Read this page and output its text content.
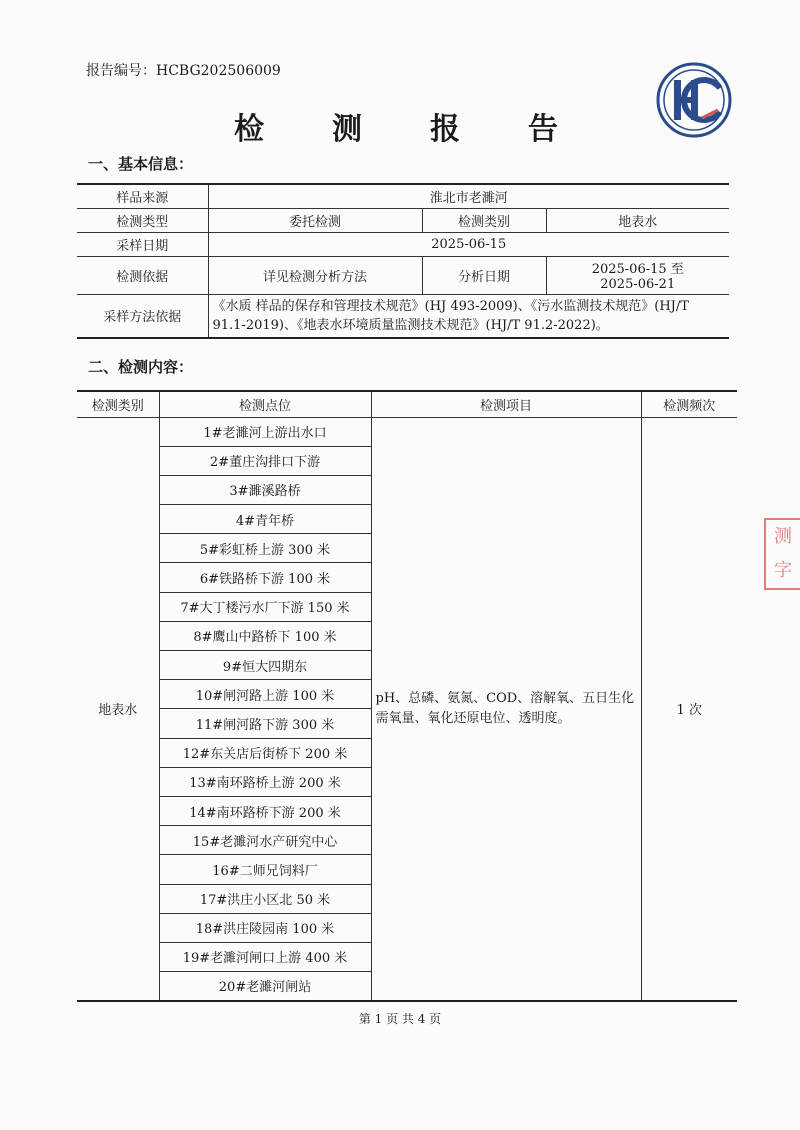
报告编号：HCBG202506009
检测报告
一、基本信息：
样品来源	淮北市老濉河		
检测类型	委托检测	检测类别	地表水
采样日期	2025-06-15		
检测依据	详见检测分析方法	分析日期	2025-06-15 至
2025-06-21

采样方法依据	《水质 样品的保存和管理技术规范》(HJ 493-2009)、《污水监测技术规范》(HJ/T 91.1-2019)、《地表水环境质量监测技术规范》(HJ/T 91.2-2022)。		
二、检测内容：
检测类别	检测点位	检测项目	检测频次
地表水	1#老濉河上游出水口	pH、总磷、氨氮、COD、溶解氧、五日生化需氧量、氧化还原电位、透明度。	1 次
	2#董庄沟排口下游		
	3#濉溪路桥		
	4#青年桥		
	5#彩虹桥上游 300 米		
	6#铁路桥下游 100 米		
	7#大丁楼污水厂下游 150 米		
	8#鹰山中路桥下 100 米		
	9#恒大四期东		
	10#闸河路上游 100 米		
	11#闸河路下游 300 米		
	12#东关店后街桥下 200 米		
	13#南环路桥上游 200 米		
	14#南环路桥下游 200 米		
	15#老濉河水产研究中心		
	16#二师兄饲料厂		
	17#洪庄小区北 50 米		
	18#洪庄陵园南 100 米		
	19#老濉河闸口上游 400 米		
	20#老濉河闸站		
第 1 页 共 4 页
测
字
